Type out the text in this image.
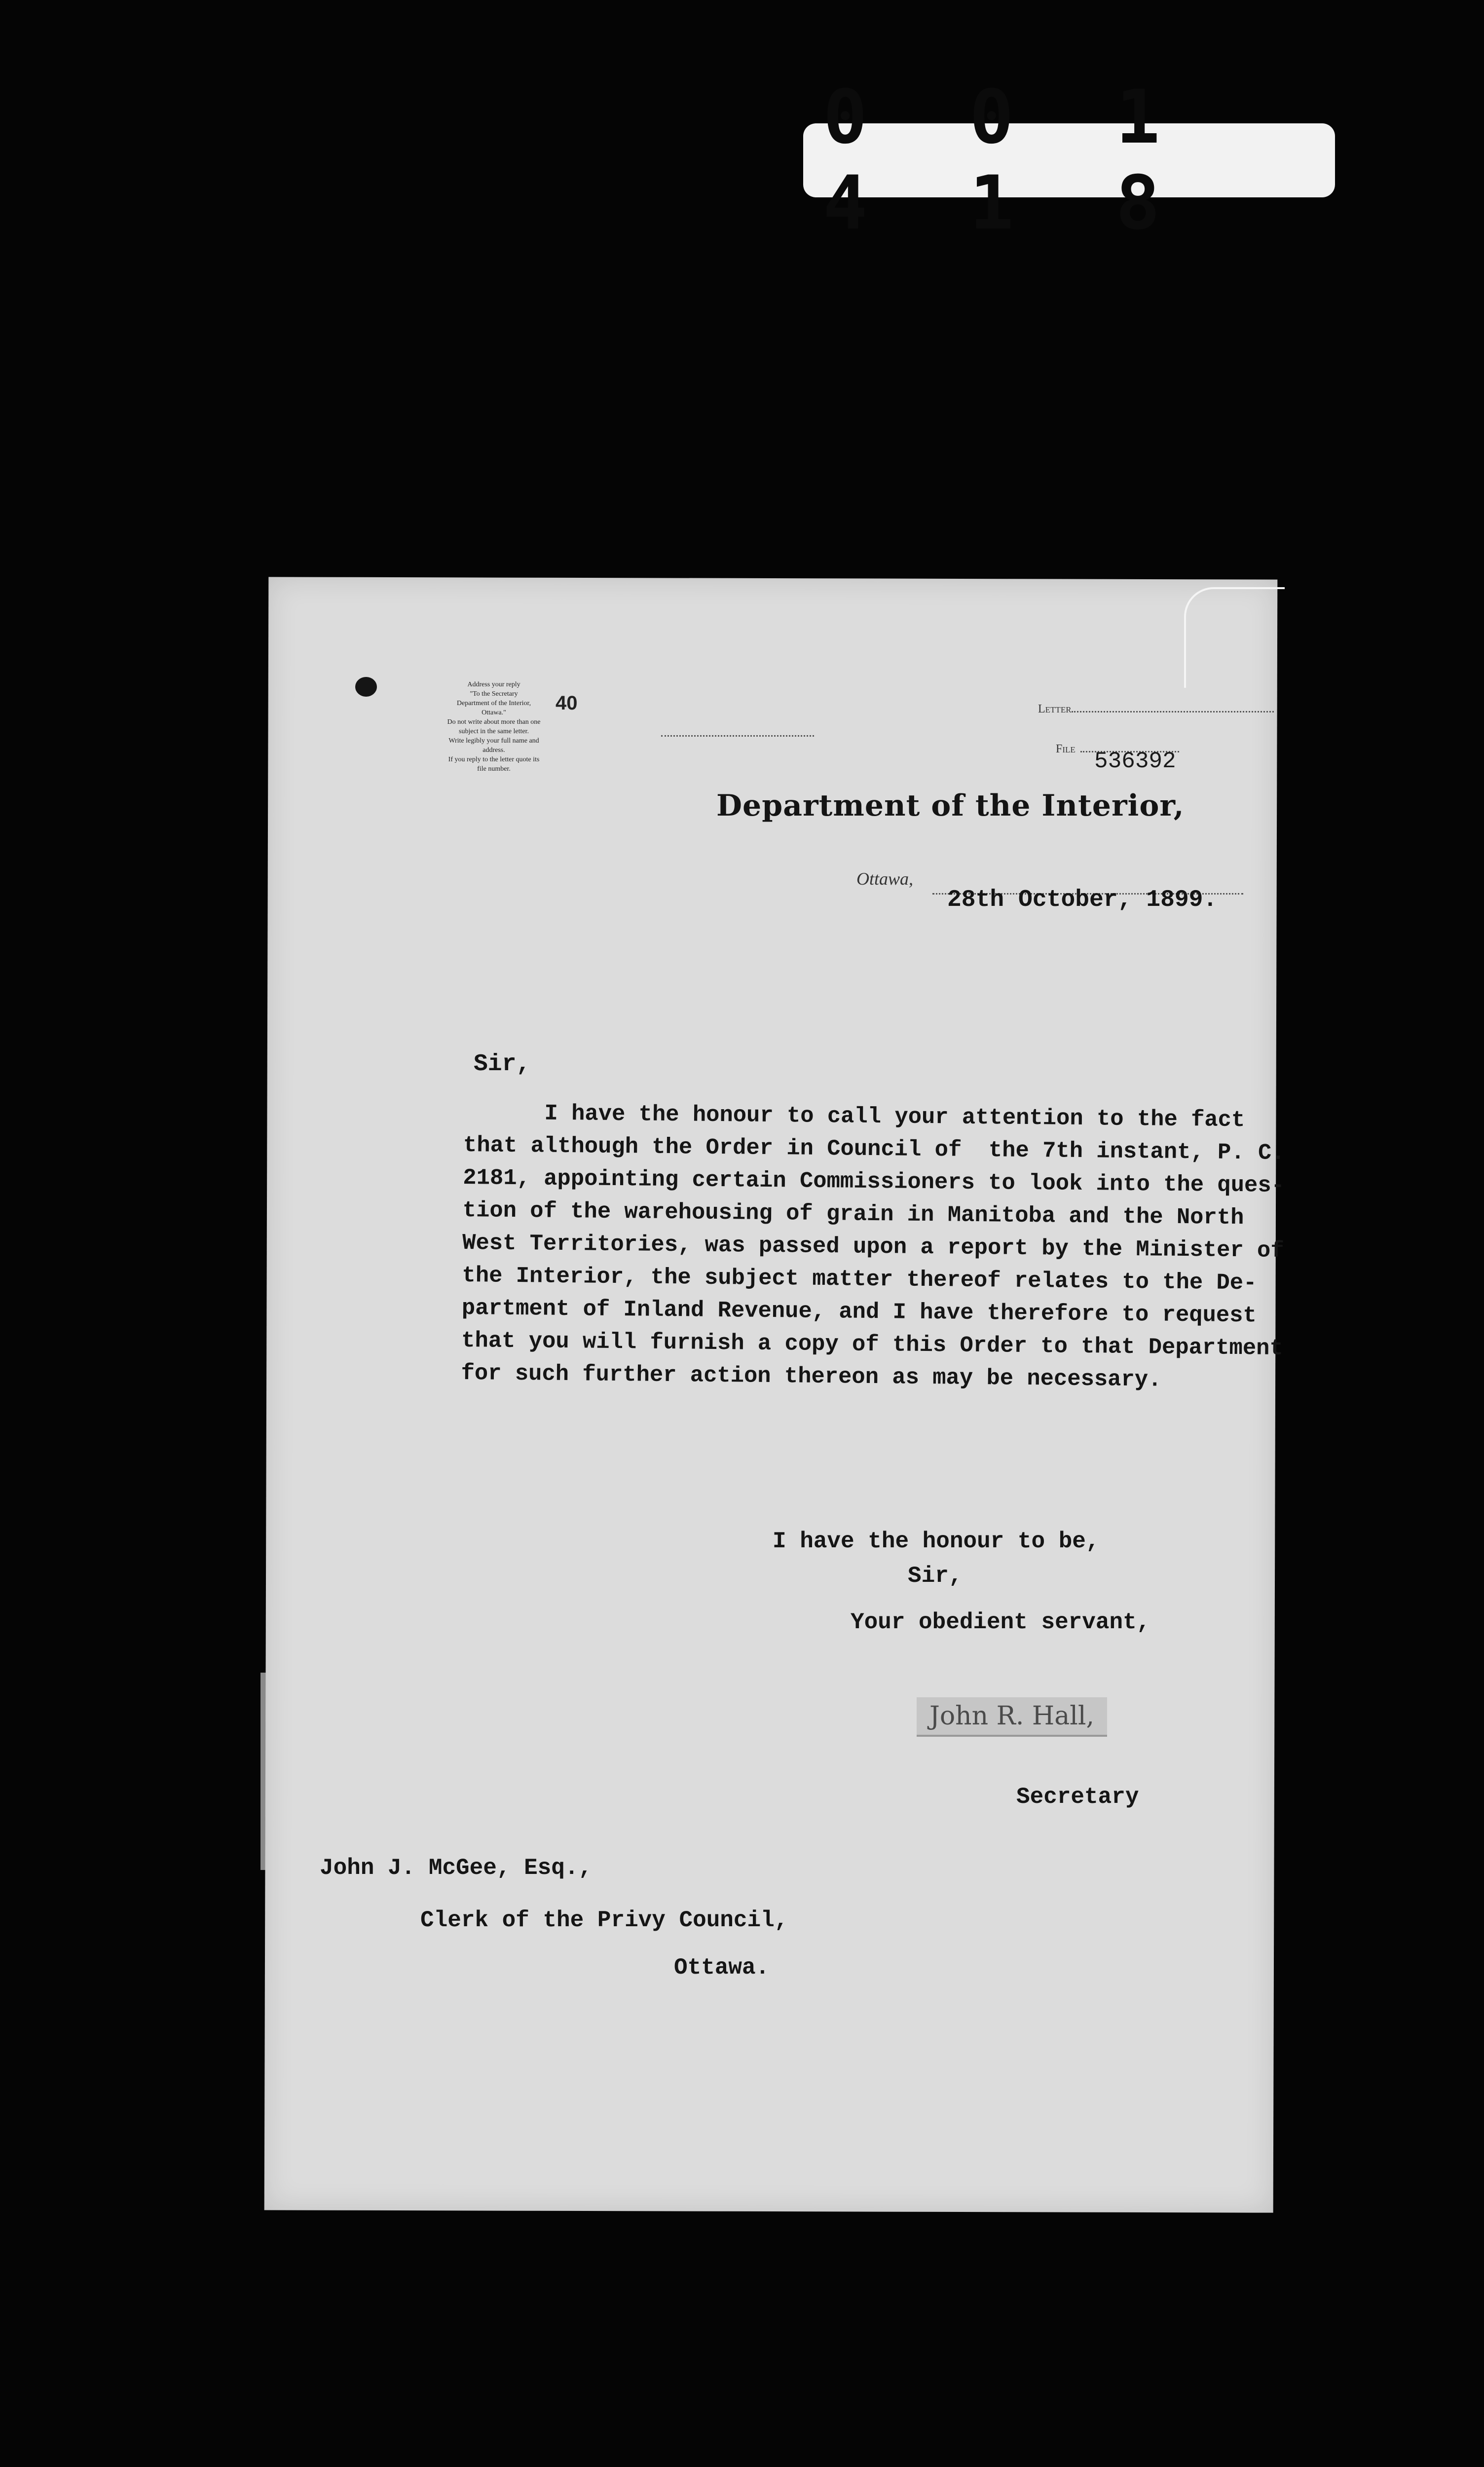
0 0 1 4 1 8
Address your reply
"To the Secretary
Department of the Interior,
Ottawa."
Do not write about more than one
subject in the same letter.
Write legibly your full name and
address.
If you reply to the letter quote its
file number.
40	Letter
File 536392
Department of the Interior,
Ottawa,
28th October, 1899.
Sir,
I have the honour to call your attention to the fact
that although the Order in Council of  the 7th instant, P. C.
2181, appointing certain Commissioners to look into the ques-
tion of the warehousing of grain in Manitoba and the North
West Territories, was passed upon a report by the Minister of
the Interior, the subject matter thereof relates to the De-
partment of Inland Revenue, and I have therefore to request
that you will furnish a copy of this Order to that Department
for such further action thereon as may be necessary.
I have the honour to be,
Sir,
Your obedient servant,
John R. Hall,
Secretary
John J. McGee, Esq.,
Clerk of the Privy Council,
Ottawa.
